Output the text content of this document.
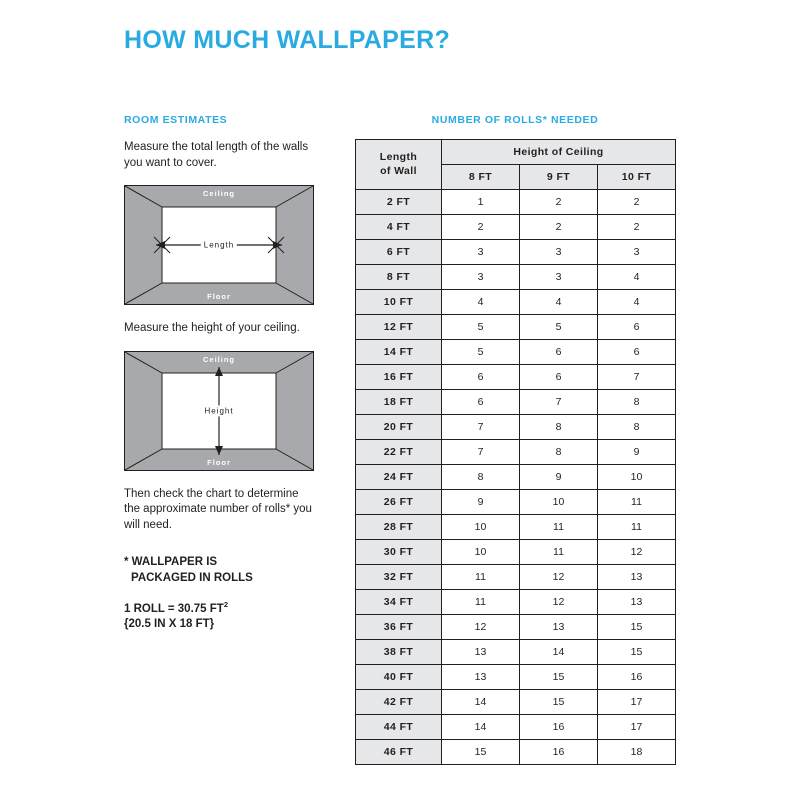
HOW MUCH WALLPAPER?
ROOM ESTIMATES

Measure the total length of the walls you want to cover.

Ceiling
Floor
Length

Measure the height of your ceiling.

Ceiling
Floor
Height

Then check the chart to determine the approximate number of rolls* you will need.

* WALLPAPER IS
PACKAGED IN ROLLS

1 ROLL = 30.75 $FT^2$
{20.5 IN X 18 FT}

NUMBER OF ROLLS* NEEDED
Length
of Wall	Height of Ceiling		
	8 FT	9 FT	10 FT
2 FT	1	2	2
4 FT	2	2	2
6 FT	3	3	3
8 FT	3	3	4
10 FT	4	4	4
12 FT	5	5	6
14 FT	5	6	6
16 FT	6	6	7
18 FT	6	7	8
20 FT	7	8	8
22 FT	7	8	9
24 FT	8	9	10
26 FT	9	10	11
28 FT	10	11	11
30 FT	10	11	12
32 FT	11	12	13
34 FT	11	12	13
36 FT	12	13	15
38 FT	13	14	15
40 FT	13	15	16
42 FT	14	15	17
44 FT	14	16	17
46 FT	15	16	18
